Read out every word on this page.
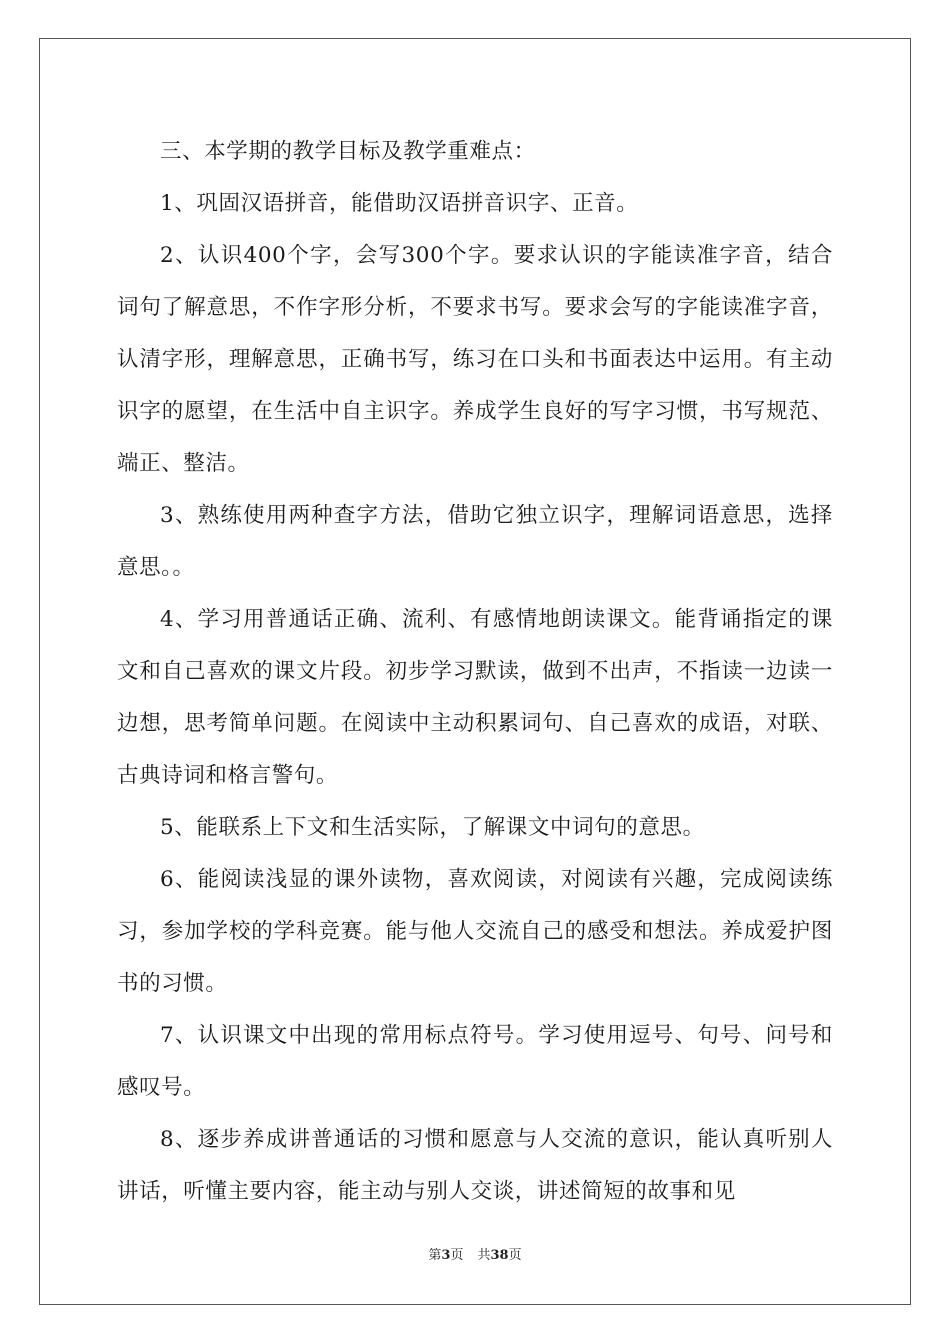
三、本学期的教学目标及教学重难点：

1、巩固汉语拼音，能借助汉语拼音识字、正音。

2、认识400个字，会写300个字。要求认识的字能读准字音，结合词句了解意思，不作字形分析，不要求书写。要求会写的字能读准字音，认清字形，理解意思，正确书写，练习在口头和书面表达中运用。有主动识字的愿望，在生活中自主识字。养成学生良好的写字习惯，书写规范、端正、整洁。

3、熟练使用两种查字方法，借助它独立识字，理解词语意思，选择意思。。

4、学习用普通话正确、流利、有感情地朗读课文。能背诵指定的课文和自己喜欢的课文片段。初步学习默读，做到不出声，不指读一边读一边想，思考简单问题。在阅读中主动积累词句、自己喜欢的成语，对联、古典诗词和格言警句。

5、能联系上下文和生活实际，了解课文中词句的意思。

6、能阅读浅显的课外读物，喜欢阅读，对阅读有兴趣，完成阅读练习，参加学校的学科竞赛。能与他人交流自己的感受和想法。养成爱护图书的习惯。

7、认识课文中出现的常用标点符号。学习使用逗号、句号、问号和感叹号。

8、逐步养成讲普通话的习惯和愿意与人交流的意识，能认真听别人讲话，听懂主要内容，能主动与别人交谈，讲述简短的故事和见

第3页 共38页
